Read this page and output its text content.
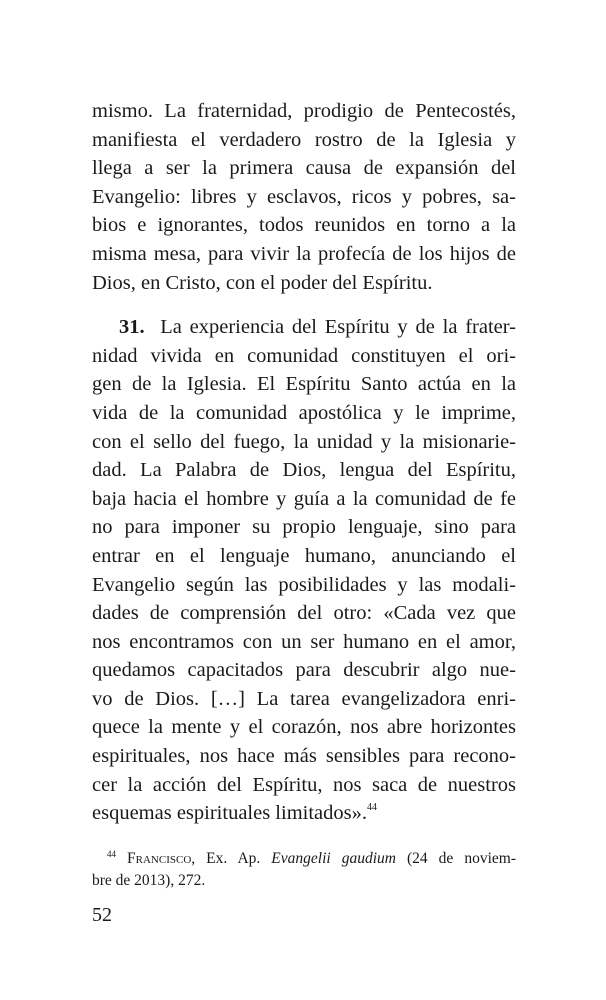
mismo. La fraternidad, prodigio de Pentecostés,
manifiesta el verdadero rostro de la Iglesia y
llega a ser la primera causa de expansión del
Evangelio: libres y esclavos, ricos y pobres, sa-
bios e ignorantes, todos reunidos en torno a la
misma mesa, para vivir la profecía de los hijos de
Dios, en Cristo, con el poder del Espíritu.
31. La experiencia del Espíritu y de la frater-
nidad vivida en comunidad constituyen el ori-
gen de la Iglesia. El Espíritu Santo actúa en la
vida de la comunidad apostólica y le imprime,
con el sello del fuego, la unidad y la misionarie-
dad. La Palabra de Dios, lengua del Espíritu,
baja hacia el hombre y guía a la comunidad de fe
no para imponer su propio lenguaje, sino para
entrar en el lenguaje humano, anunciando el
Evangelio según las posibilidades y las modali-
dades de comprensión del otro: «Cada vez que
nos encontramos con un ser humano en el amor,
quedamos capacitados para descubrir algo nue-
vo de Dios. […] La tarea evangelizadora enri-
quece la mente y el corazón, nos abre horizontes
espirituales, nos hace más sensibles para recono-
cer la acción del Espíritu, nos saca de nuestros
esquemas espirituales limitados».$^{44}$
$^{44}$ Francisco, Ex. Ap. Evangelii gaudium (24 de noviem-
bre de 2013), 272.
52
